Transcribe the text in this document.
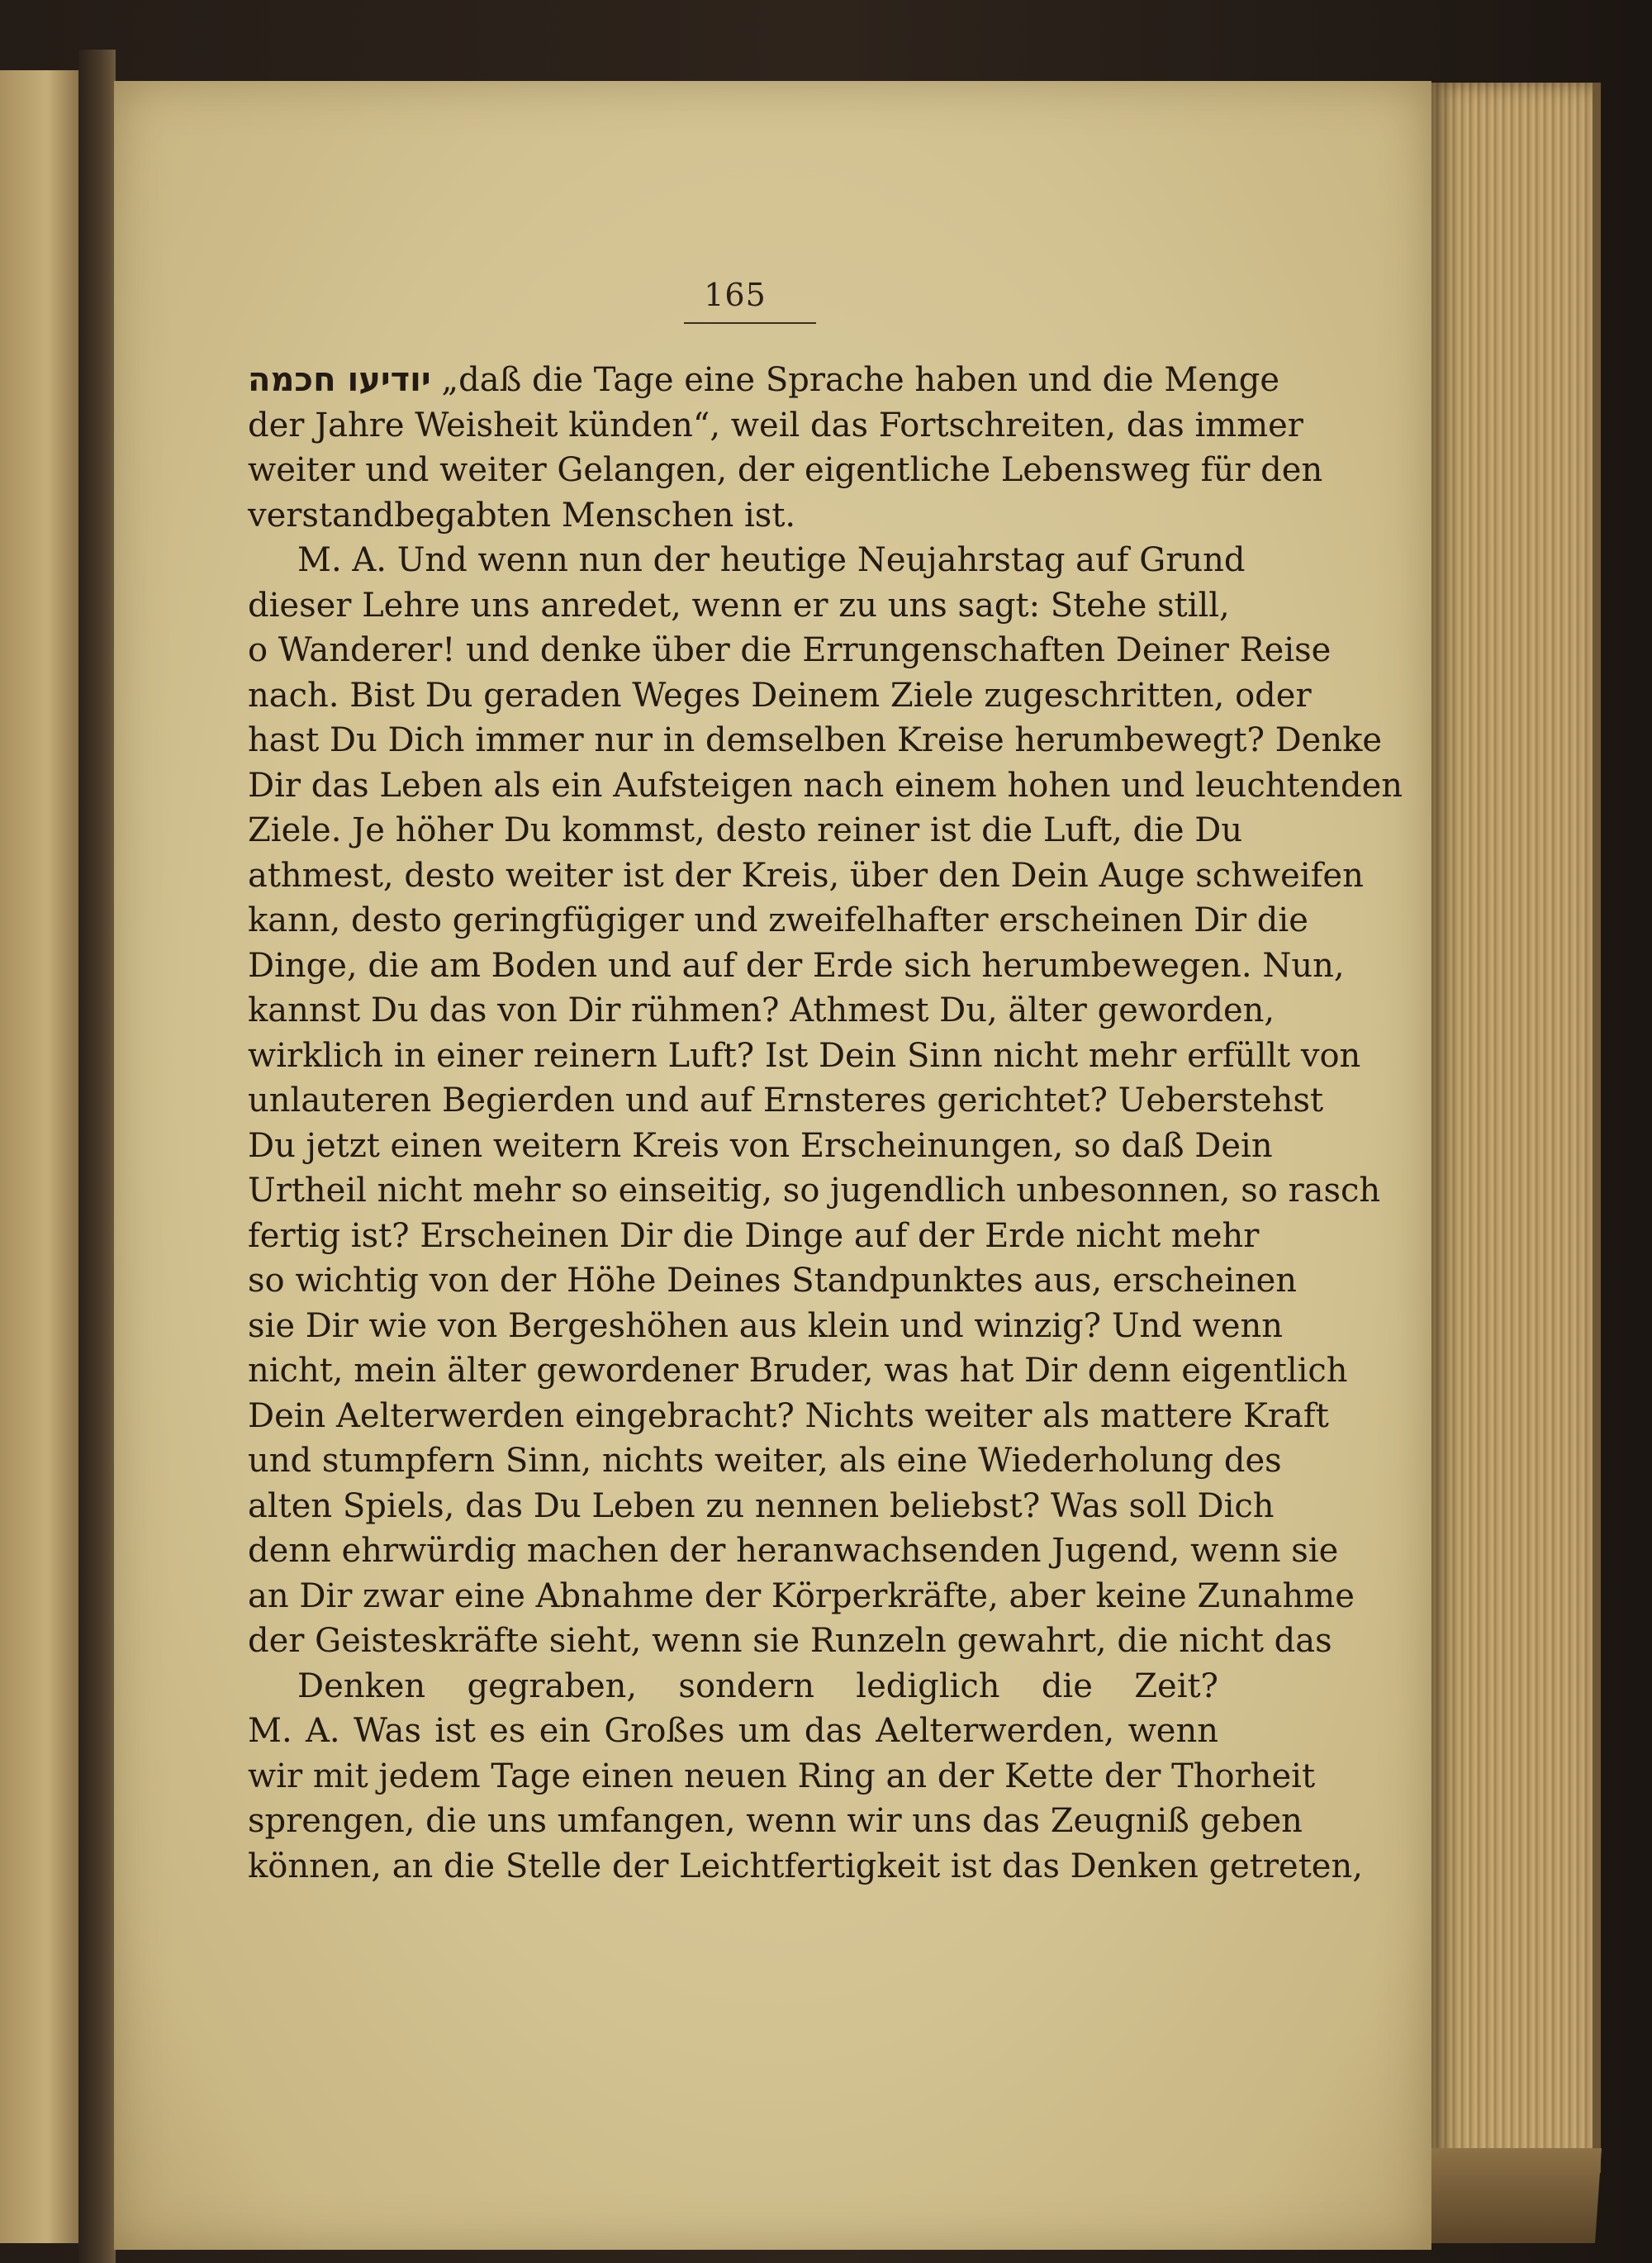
165
יודיעו חכמה „daß die Tage eine Sprache haben und die Menge
der Jahre Weisheit künden“, weil das Fortschreiten, das immer
weiter und weiter Gelangen, der eigentliche Lebensweg für den
verstandbegabten Menschen ist.
M. A. Und wenn nun der heutige Neujahrstag auf Grund
dieser Lehre uns anredet, wenn er zu uns sagt: Stehe still,
o Wanderer! und denke über die Errungenschaften Deiner Reise
nach. Bist Du geraden Weges Deinem Ziele zugeschritten, oder
hast Du Dich immer nur in demselben Kreise herumbewegt? Denke
Dir das Leben als ein Aufsteigen nach einem hohen und leuchtenden
Ziele. Je höher Du kommst, desto reiner ist die Luft, die Du
athmest, desto weiter ist der Kreis, über den Dein Auge schweifen
kann, desto geringfügiger und zweifelhafter erscheinen Dir die
Dinge, die am Boden und auf der Erde sich herumbewegen. Nun,
kannst Du das von Dir rühmen? Athmest Du, älter geworden,
wirklich in einer reinern Luft? Ist Dein Sinn nicht mehr erfüllt von
unlauteren Begierden und auf Ernsteres gerichtet? Ueberstehst
Du jetzt einen weitern Kreis von Erscheinungen, so daß Dein
Urtheil nicht mehr so einseitig, so jugendlich unbesonnen, so rasch
fertig ist? Erscheinen Dir die Dinge auf der Erde nicht mehr
so wichtig von der Höhe Deines Standpunktes aus, erscheinen
sie Dir wie von Bergeshöhen aus klein und winzig? Und wenn
nicht, mein älter gewordener Bruder, was hat Dir denn eigentlich
Dein Aelterwerden eingebracht? Nichts weiter als mattere Kraft
und stumpfern Sinn, nichts weiter, als eine Wiederholung des
alten Spiels, das Du Leben zu nennen beliebst? Was soll Dich
denn ehrwürdig machen der heranwachsenden Jugend, wenn sie
an Dir zwar eine Abnahme der Körperkräfte, aber keine Zunahme
der Geisteskräfte sieht, wenn sie Runzeln gewahrt, die nicht das
Denken gegraben, sondern lediglich die Zeit?
M. A. Was ist es ein Großes um das Aelterwerden, wenn
wir mit jedem Tage einen neuen Ring an der Kette der Thorheit
sprengen, die uns umfangen, wenn wir uns das Zeugniß geben
können, an die Stelle der Leichtfertigkeit ist das Denken getreten,
